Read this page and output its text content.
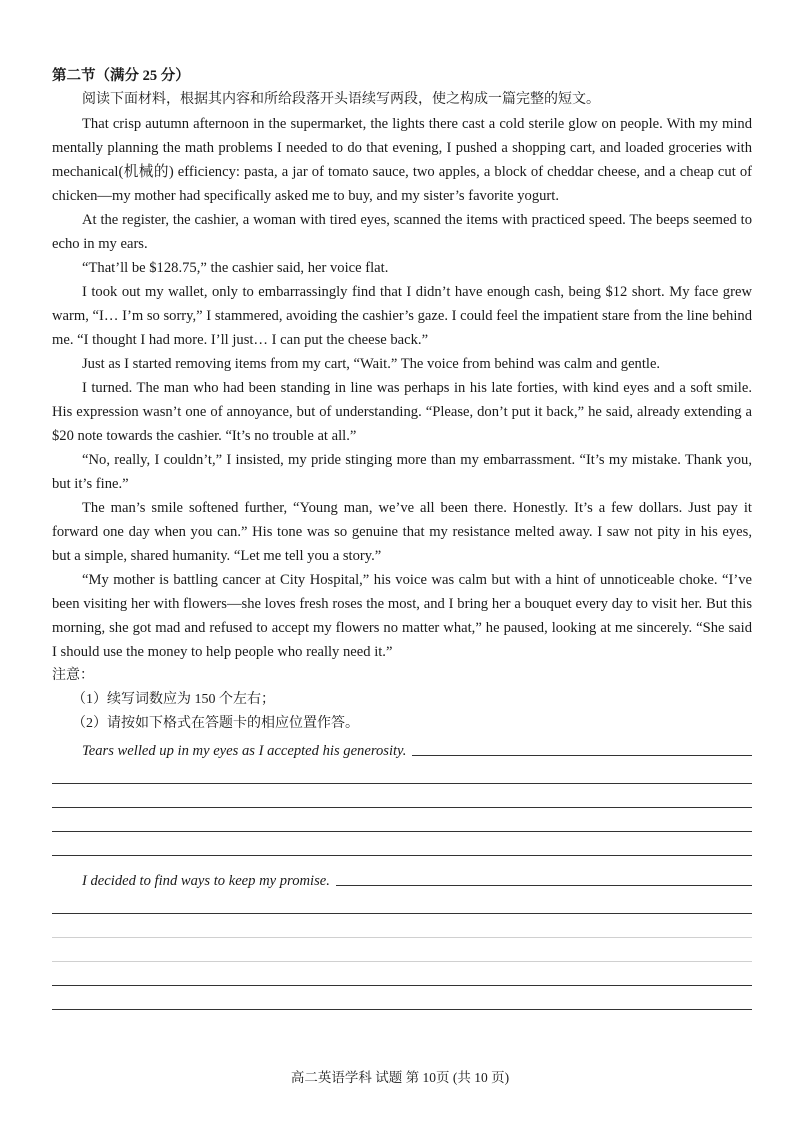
第二节（满分 25 分）

阅读下面材料，根据其内容和所给段落开头语续写两段，使之构成一篇完整的短文。

That crisp autumn afternoon in the supermarket, the lights there cast a cold sterile glow on people. With my mind mentally planning the math problems I needed to do that evening, I pushed a shopping cart, and loaded groceries with mechanical(机械的) efficiency: pasta, a jar of tomato sauce, two apples, a block of cheddar cheese, and a cheap cut of chicken—my mother had specifically asked me to buy, and my sister’s favorite yogurt.

At the register, the cashier, a woman with tired eyes, scanned the items with practiced speed. The beeps seemed to echo in my ears.

“That’ll be $128.75,” the cashier said, her voice flat.

I took out my wallet, only to embarrassingly find that I didn’t have enough cash, being $12 short. My face grew warm, “I… I’m so sorry,” I stammered, avoiding the cashier’s gaze. I could feel the impatient stare from the line behind me. “I thought I had more. I’ll just… I can put the cheese back.”

Just as I started removing items from my cart, “Wait.” The voice from behind was calm and gentle.

I turned. The man who had been standing in line was perhaps in his late forties, with kind eyes and a soft smile. His expression wasn’t one of annoyance, but of understanding. “Please, don’t put it back,” he said, already extending a $20 note towards the cashier. “It’s no trouble at all.”

“No, really, I couldn’t,” I insisted, my pride stinging more than my embarrassment. “It’s my mistake. Thank you, but it’s fine.”

The man’s smile softened further, “Young man, we’ve all been there. Honestly. It’s a few dollars. Just pay it forward one day when you can.” His tone was so genuine that my resistance melted away. I saw not pity in his eyes, but a simple, shared humanity. “Let me tell you a story.”

“My mother is battling cancer at City Hospital,” his voice was calm but with a hint of unnoticeable choke. “I’ve been visiting her with flowers—she loves fresh roses the most, and I bring her a bouquet every day to visit her. But this morning, she got mad and refused to accept my flowers no matter what,” he paused, looking at me sincerely. “She said I should use the money to help people who really need it.”

注意：

（1）续写词数应为 150 个左右；

（2）请按如下格式在答题卡的相应位置作答。

Tears welled up in my eyes as I accepted his generosity.
I decided to find ways to keep my promise.
高二英语学科 试题 第 10页 (共 10 页)
